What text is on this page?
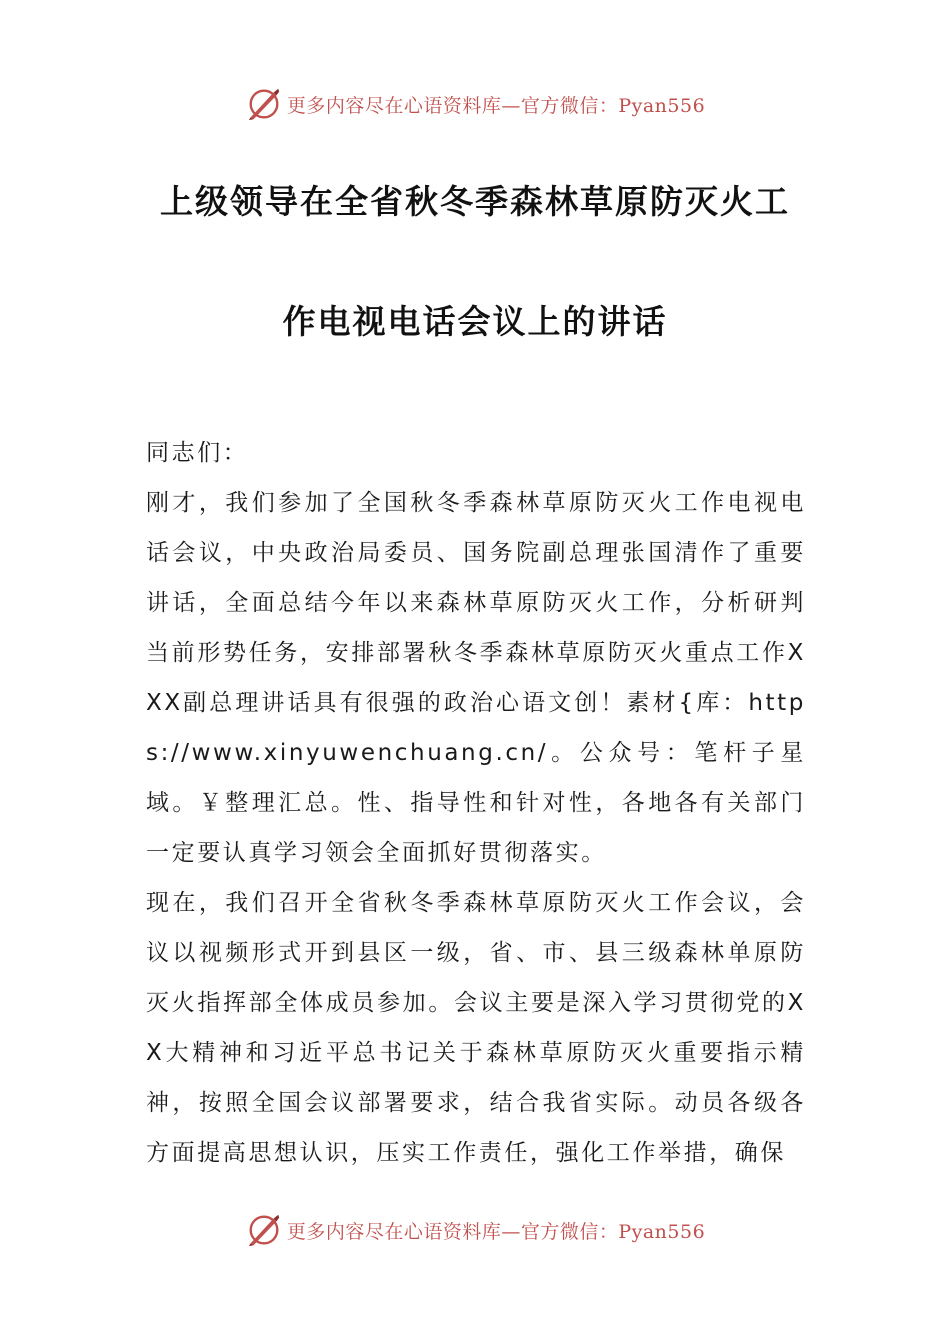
更多内容尽在心语资料库—官方微信：Pyan556
上级领导在全省秋冬季森林草原防灭火工
作电视电话会议上的讲话

同志们：

刚才，我们参加了全国秋冬季森林草原防灭火工作电视电话会议，中央政治局委员、国务院副总理张国清作了重要讲话，全面总结今年以来森林草原防灭火工作，分析研判当前形势任务，安排部署秋冬季森林草原防灭火重点工作XXX副总理讲话具有很强的政治心语文创！素材{库：https://www.xinyuwenchuang.cn/。公众号：笔杆子星域。￥整理汇总。性、指导性和针对性，各地各有关部门一定要认真学习领会全面抓好贯彻落实。

现在，我们召开全省秋冬季森林草原防灭火工作会议，会议以视频形式开到县区一级，省、市、县三级森林单原防灭火指挥部全体成员参加。会议主要是深入学习贯彻党的XX大精神和习近平总书记关于森林草原防灭火重要指示精神，按照全国会议部署要求，结合我省实际。动员各级各方面提高思想认识，压实工作责任，强化工作举措，确保

更多内容尽在心语资料库—官方微信：Pyan556
